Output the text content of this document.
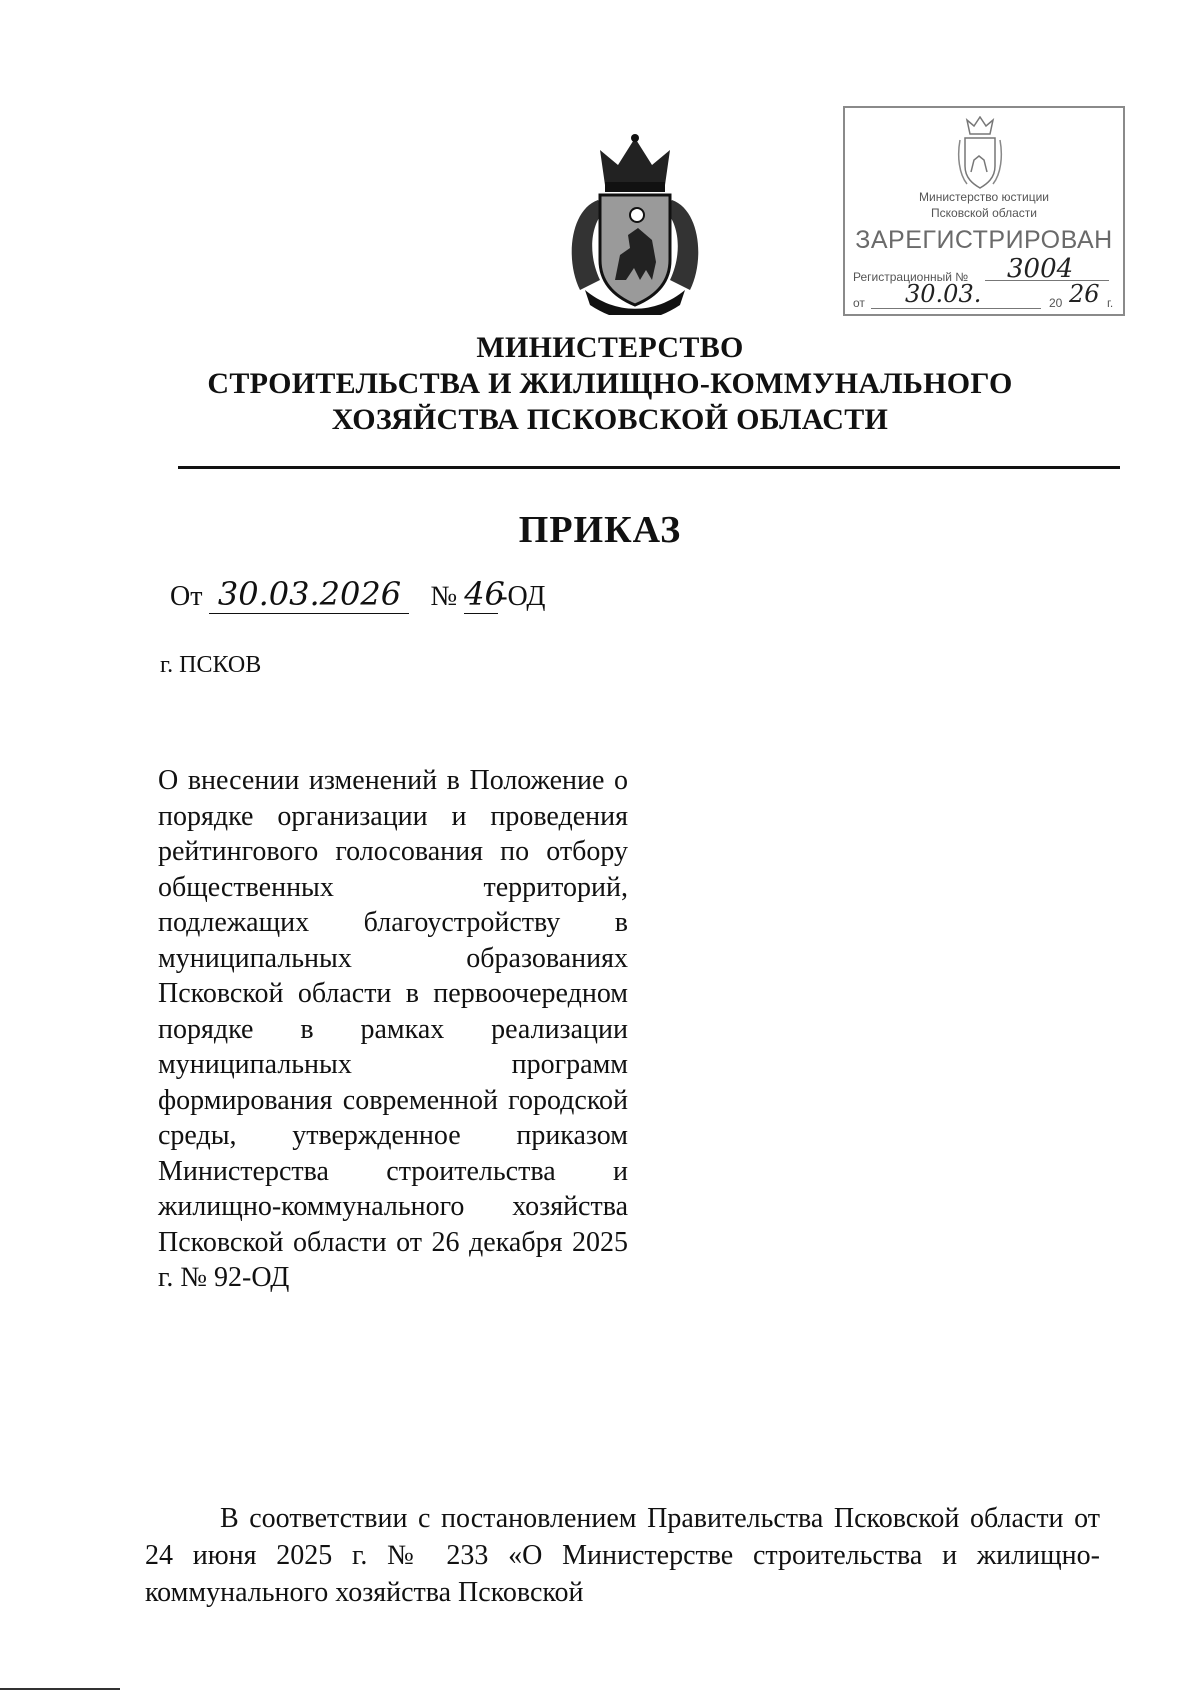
Министерство юстиции
Псковской области
ЗАРЕГИСТРИРОВАН
Регистрационный № 3004
от 30.03.	20 26 г.
МИНИСТЕРСТВО
СТРОИТЕЛЬСТВА И ЖИЛИЩНО-КОММУНАЛЬНОГО
ХОЗЯЙСТВА ПСКОВСКОЙ ОБЛАСТИ
ПРИКАЗ
От 30.03.2026 № 46-ОД
г. ПСКОВ
О внесении изменений в Положение о порядке организации и проведения рейтингового голосования по отбору общественных территорий, подлежащих благоустройству в муниципальных образованиях Псковской области в первоочередном порядке в рамках реализации муниципальных программ формирования современной городской среды, утвержденное приказом Министерства строительства и жилищно-коммунального хозяйства Псковской области от 26 декабря 2025 г. № 92-ОД
В соответствии с постановлением Правительства Псковской области от 24 июня 2025 г. № 233 «О Министерстве строительства и жилищно-коммунального хозяйства Псковской
